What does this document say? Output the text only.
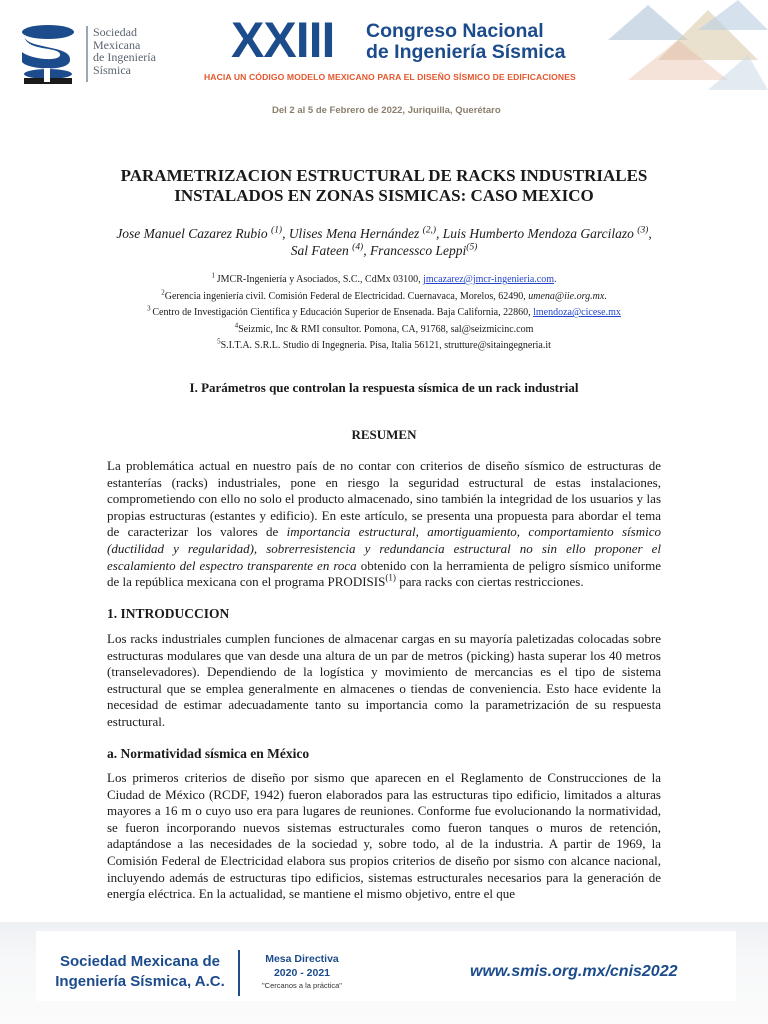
Sociedad
Mexicana
de Ingeniería
Sísmica
XXIII Congreso Nacional
de Ingeniería Sísmica
HACIA UN CÓDIGO MODELO MEXICANO PARA EL DISEÑO SÍSMICO DE EDIFICACIONES
Del 2 al 5 de Febrero de 2022, Juriquilla, Querétaro
PARAMETRIZACION ESTRUCTURAL DE RACKS INDUSTRIALES
INSTALADOS EN ZONAS SISMICAS: CASO MEXICO
Jose Manuel Cazarez Rubio $^{(1)}$, Ulises Mena Hernández $^{(2,)}$, Luis Humberto Mendoza Garcilazo $^{(3)}$,
Sal Fateen $^{(4)}$, Francessco Leppi$^{(5)}$
$^1$ JMCR-Ingeniería y Asociados, S.C., CdMx 03100, jmcazarez@jmcr-ingenieria.com.
$^2$Gerencia ingeniería civil. Comisión Federal de Electricidad. Cuernavaca, Morelos, 62490, umena@iie.org.mx.
$^3$ Centro de Investigación Científica y Educación Superior de Ensenada. Baja California, 22860, lmendoza@cicese.mx
$^4$Seizmic, Inc & RMI consultor. Pomona, CA, 91768, sal@seizmicinc.com
$^5$S.I.T.A. S.R.L. Studio di Ingegneria. Pisa, Italia 56121, strutture@sitaingegneria.it
I. Parámetros que controlan la respuesta sísmica de un rack industrial
RESUMEN

La problemática actual en nuestro país de no contar con criterios de diseño sísmico de estructuras de estanterías (racks) industriales, pone en riesgo la seguridad estructural de estas instalaciones, comprometiendo con ello no solo el producto almacenado, sino también la integridad de los usuarios y las propias estructuras (estantes y edificio). En este artículo, se presenta una propuesta para abordar el tema de caracterizar los valores de importancia estructural, amortiguamiento, comportamiento sísmico (ductilidad y regularidad), sobrerresistencia y redundancia estructural no sin ello proponer el escalamiento del espectro transparente en roca obtenido con la herramienta de peligro sísmico uniforme de la república mexicana con el programa PRODISIS$^{(1)}$ para racks con ciertas restricciones.

1. INTRODUCCION

Los racks industriales cumplen funciones de almacenar cargas en su mayoría paletizadas colocadas sobre estructuras modulares que van desde una altura de un par de metros (picking) hasta superar los 40 metros (transelevadores). Dependiendo de la logística y movimiento de mercancias es el tipo de sistema estructural que se emplea generalmente en almacenes o tiendas de conveniencia. Esto hace evidente la necesidad de estimar adecuadamente tanto su importancia como la parametrización de su respuesta estructural.

a. Normatividad sísmica en México

Los primeros criterios de diseño por sismo que aparecen en el Reglamento de Construcciones de la Ciudad de México (RCDF, 1942) fueron elaborados para las estructuras tipo edificio, limitados a alturas mayores a 16 m o cuyo uso era para lugares de reuniones. Conforme fue evolucionando la normatividad, se fueron incorporando nuevos sistemas estructurales como fueron tanques o muros de retención, adaptándose a las necesidades de la sociedad y, sobre todo, al de la industria. A partir de 1969, la Comisión Federal de Electricidad elabora sus propios criterios de diseño por sismo con alcance nacional, incluyendo además de estructuras tipo edificios, sistemas estructurales necesarios para la generación de energía eléctrica. En la actualidad, se mantiene el mismo objetivo, entre el que

Sociedad Mexicana de
Ingeniería Sísmica, A.C.
Mesa Directiva
2020 - 2021
"Cercanos a la práctica"
www.smis.org.mx/cnis2022
